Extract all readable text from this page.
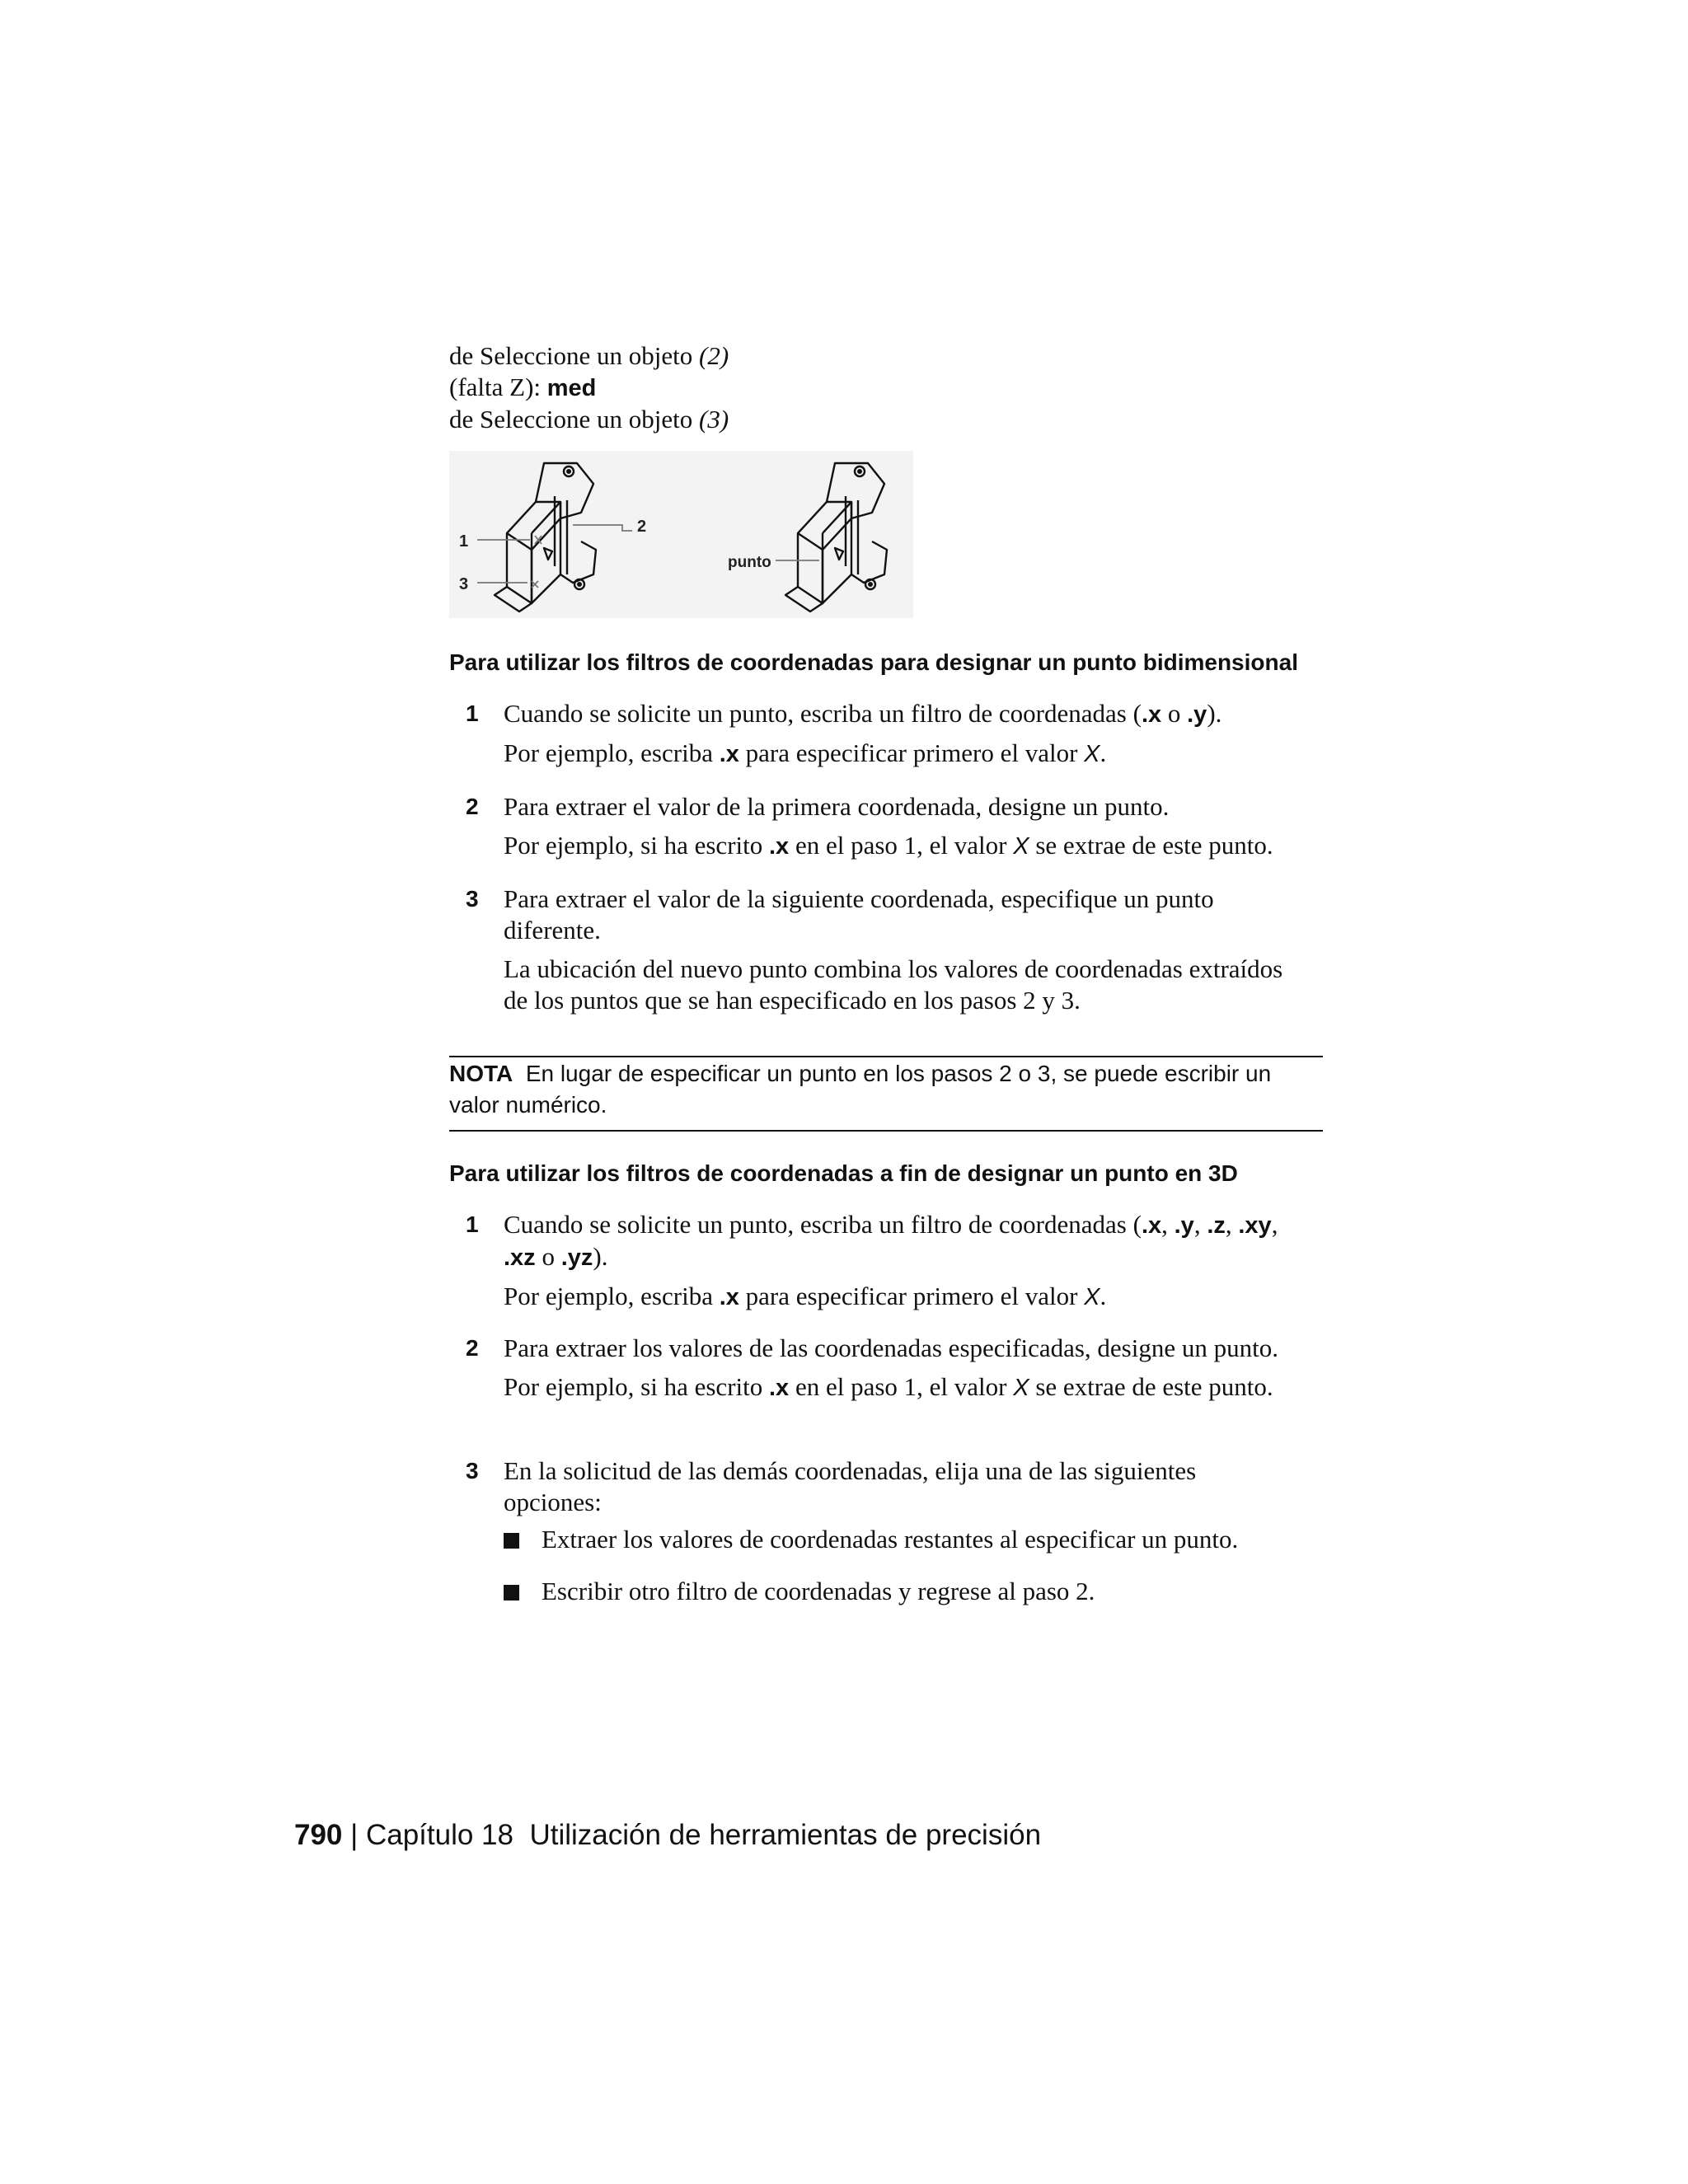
de Seleccione un objeto (2)
(falta Z): med
de Seleccione un objeto (3)
1
3
2
punto
Para utilizar los filtros de coordenadas para designar un punto bidimensional
1 Cuando se solicite un punto, escriba un filtro de coordenadas (.x o .y).
Por ejemplo, escriba .x para especificar primero el valor X.
2 Para extraer el valor de la primera coordenada, designe un punto.
Por ejemplo, si ha escrito .x en el paso 1, el valor X se extrae de este punto.
3 Para extraer el valor de la siguiente coordenada, especifique un punto diferente.
La ubicación del nuevo punto combina los valores de coordenadas extraídos de los puntos que se han especificado en los pasos 2 y 3.
NOTA En lugar de especificar un punto en los pasos 2 o 3, se puede escribir un valor numérico.
Para utilizar los filtros de coordenadas a fin de designar un punto en 3D
1 Cuando se solicite un punto, escriba un filtro de coordenadas (.x, .y, .z, .xy, .xz o .yz).
Por ejemplo, escriba .x para especificar primero el valor X.
2 Para extraer los valores de las coordenadas especificadas, designe un punto.
Por ejemplo, si ha escrito .x en el paso 1, el valor X se extrae de este punto.
3 En la solicitud de las demás coordenadas, elija una de las siguientes opciones:
Extraer los valores de coordenadas restantes al especificar un punto.
Escribir otro filtro de coordenadas y regrese al paso 2.
790 | Capítulo 18 Utilización de herramientas de precisión
